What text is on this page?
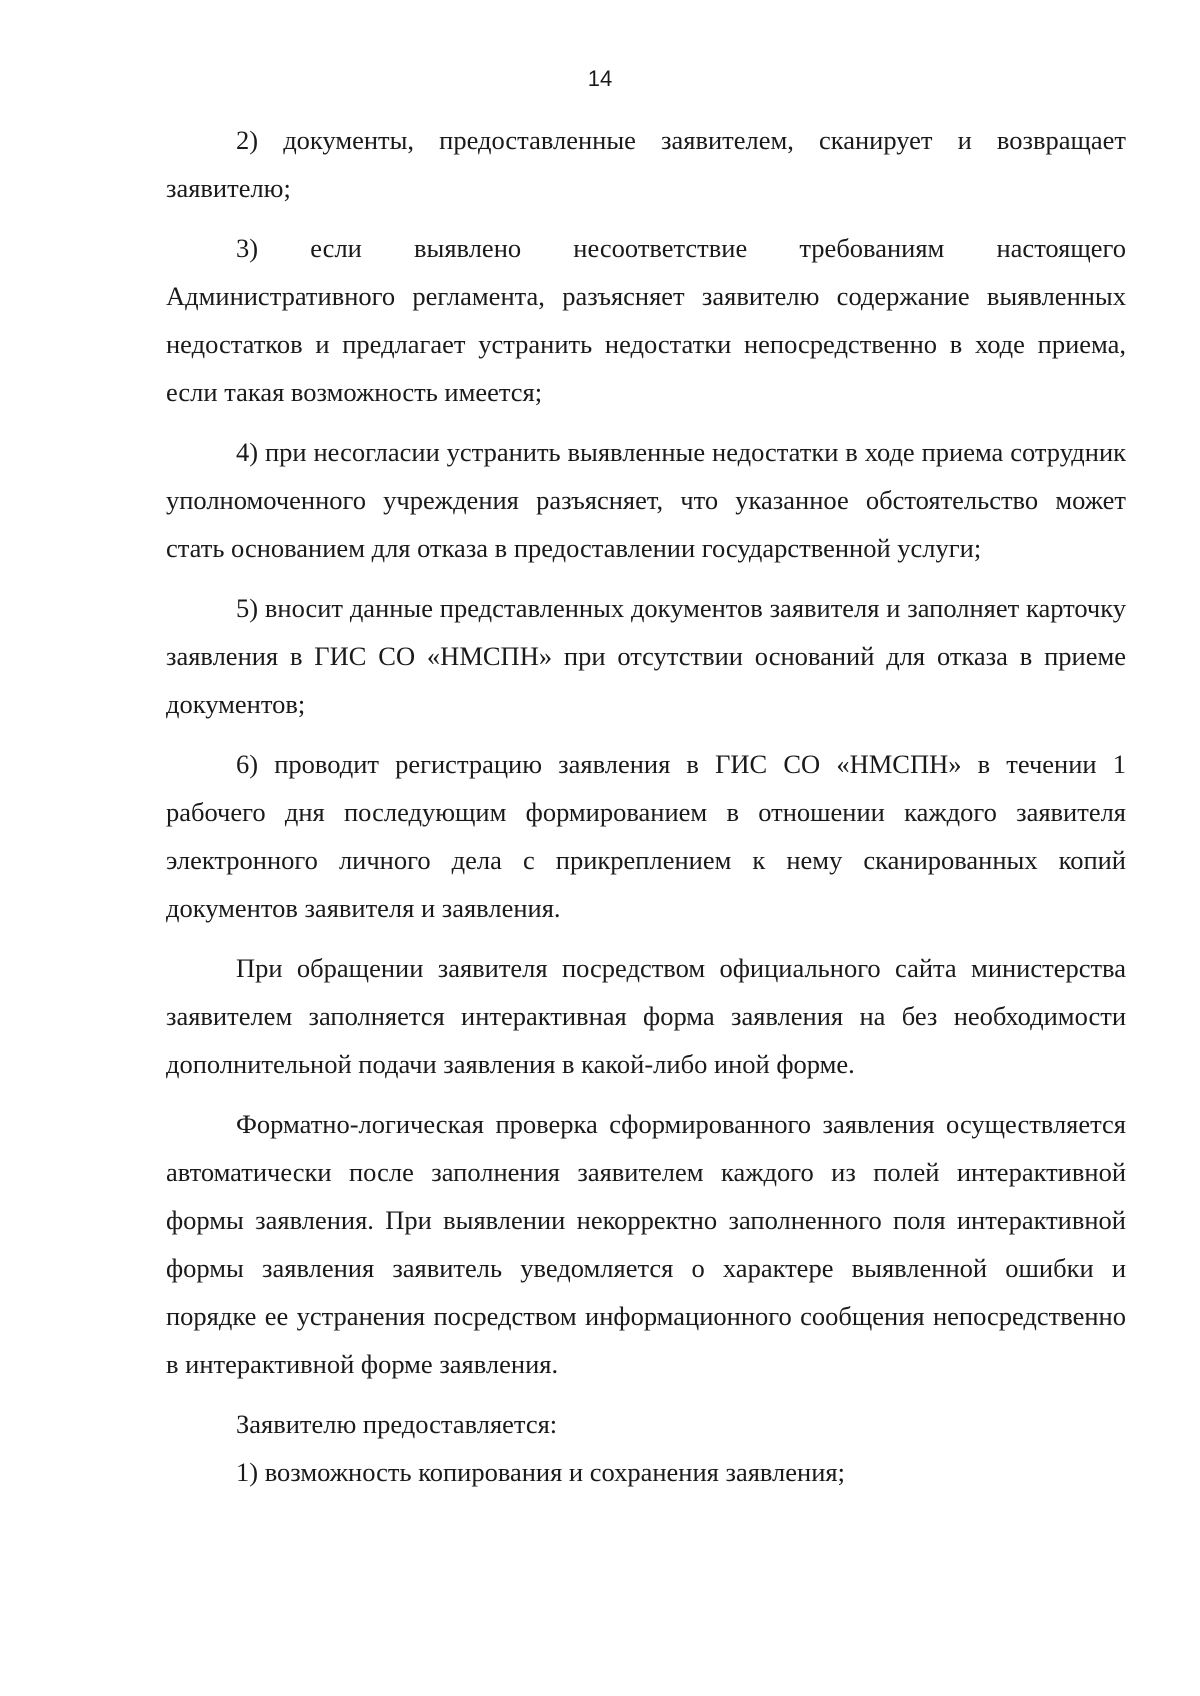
14

2) документы, предоставленные заявителем, сканирует и возвращает заявителю;

3) если выявлено несоответствие требованиям настоящего Административного регламента, разъясняет заявителю содержание выявленных недостатков и предлагает устранить недостатки непосредственно в ходе приема, если такая возможность имеется;

4) при несогласии устранить выявленные недостатки в ходе приема сотрудник уполномоченного учреждения разъясняет, что указанное обстоятельство может стать основанием для отказа в предоставлении государственной услуги;

5) вносит данные представленных документов заявителя и заполняет карточку заявления в ГИС СО «НМСПН» при отсутствии оснований для отказа в приеме документов;

6) проводит регистрацию заявления в ГИС СО «НМСПН» в течении 1 рабочего дня последующим формированием в отношении каждого заявителя электронного личного дела с прикреплением к нему сканированных копий документов заявителя и заявления.

При обращении заявителя посредством официального сайта министерства заявителем заполняется интерактивная форма заявления на без необходимости дополнительной подачи заявления в какой-либо иной форме.

Форматно-логическая проверка сформированного заявления осуществляется автоматически после заполнения заявителем каждого из полей интерактивной формы заявления. При выявлении некорректно заполненного поля интерактивной формы заявления заявитель уведомляется о характере выявленной ошибки и порядке ее устранения посредством информационного сообщения непосредственно в интерактивной форме заявления.

Заявителю предоставляется:

1) возможность копирования и сохранения заявления;
